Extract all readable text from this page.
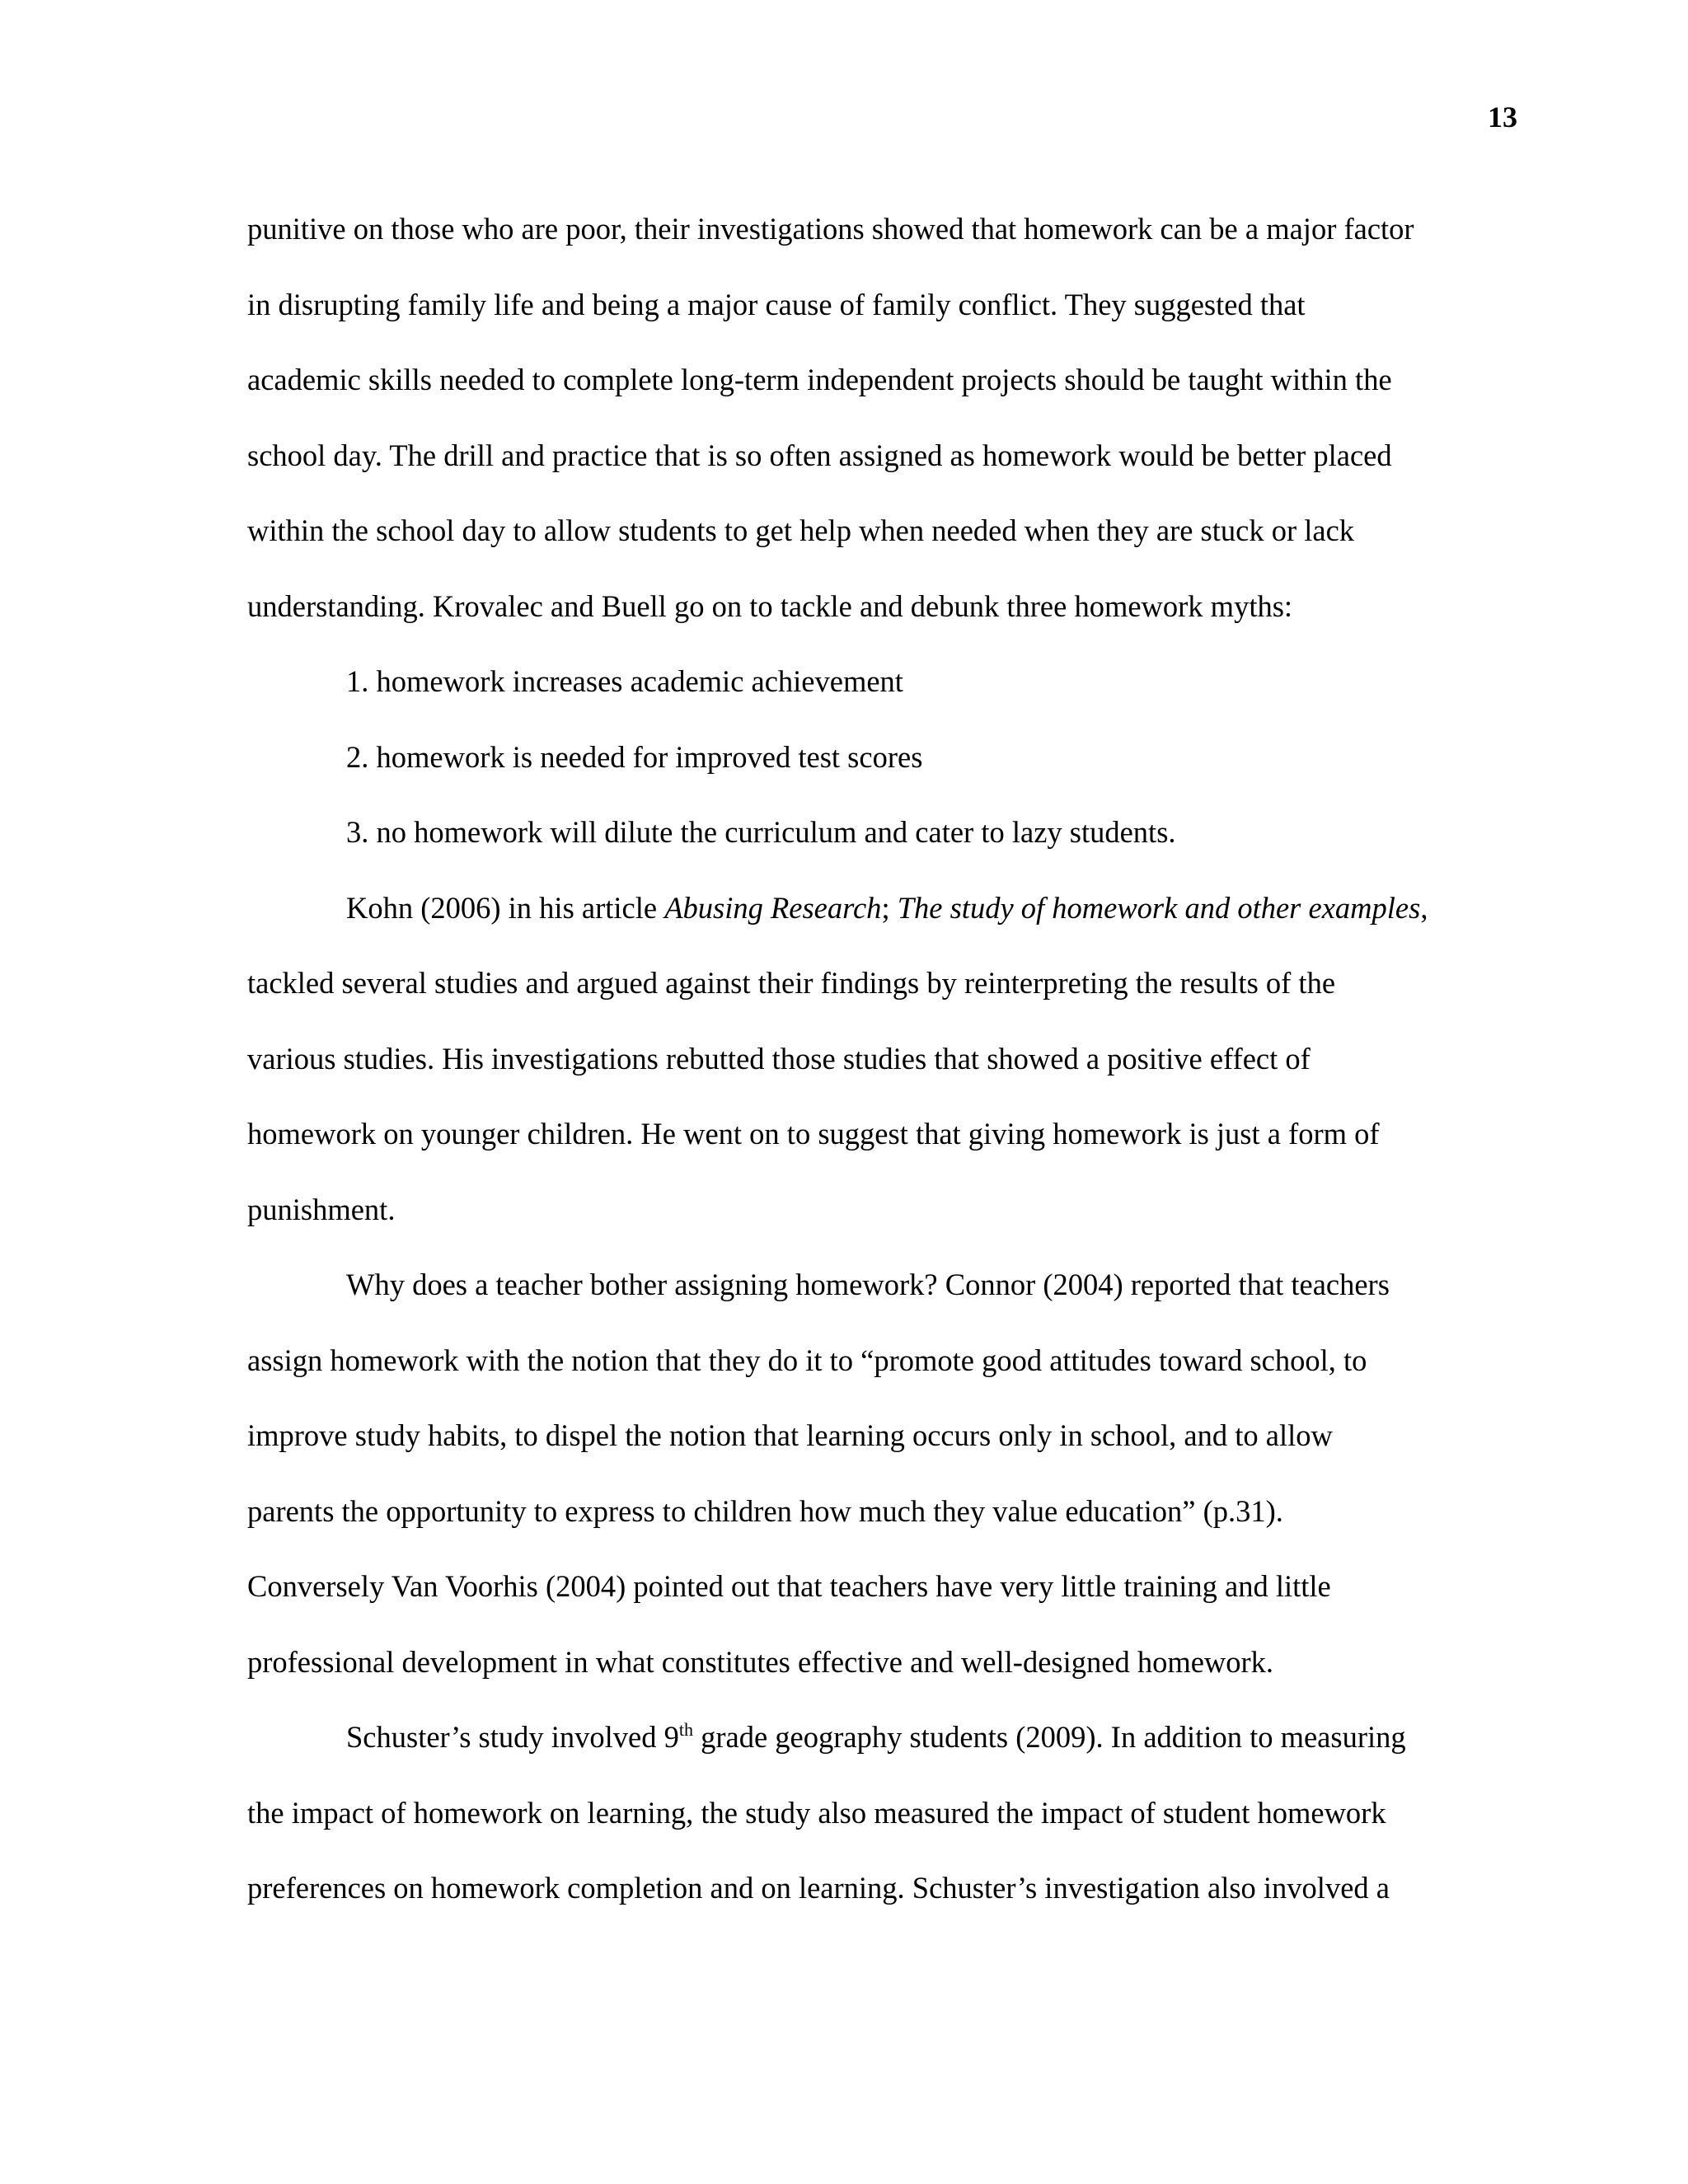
13

punitive on those who are poor, their investigations showed that homework can be a major factor

in disrupting family life and being a major cause of family conflict. They suggested that

academic skills needed to complete long-term independent projects should be taught within the

school day. The drill and practice that is so often assigned as homework would be better placed

within the school day to allow students to get help when needed when they are stuck or lack

understanding. Krovalec and Buell go on to tackle and debunk three homework myths:

1. homework increases academic achievement

2. homework is needed for improved test scores

3. no homework will dilute the curriculum and cater to lazy students.

Kohn (2006) in his article Abusing Research; The study of homework and other examples,

tackled several studies and argued against their findings by reinterpreting the results of the

various studies. His investigations rebutted those studies that showed a positive effect of

homework on younger children. He went on to suggest that giving homework is just a form of

punishment.

Why does a teacher bother assigning homework? Connor (2004) reported that teachers

assign homework with the notion that they do it to “promote good attitudes toward school, to

improve study habits, to dispel the notion that learning occurs only in school, and to allow

parents the opportunity to express to children how much they value education” (p.31).

Conversely Van Voorhis (2004) pointed out that teachers have very little training and little

professional development in what constitutes effective and well-designed homework.

Schuster’s study involved 9th grade geography students (2009). In addition to measuring

the impact of homework on learning, the study also measured the impact of student homework

preferences on homework completion and on learning. Schuster’s investigation also involved a
